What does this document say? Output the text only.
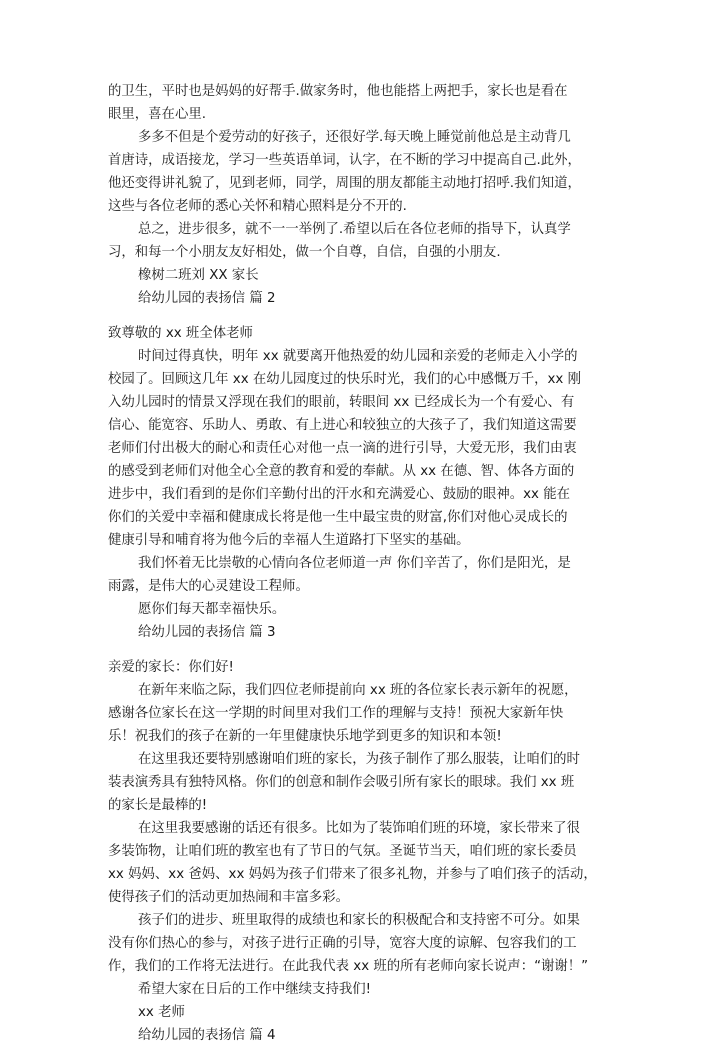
的卫生，平时也是妈妈的好帮手.做家务时，他也能搭上两把手，家长也是看在
眼里，喜在心里.
多多不但是个爱劳动的好孩子，还很好学.每天晚上睡觉前他总是主动背几
首唐诗，成语接龙，学习一些英语单词，认字，在不断的学习中提高自己.此外，
他还变得讲礼貌了，见到老师，同学，周围的朋友都能主动地打招呼.我们知道，
这些与各位老师的悉心关怀和精心照料是分不开的.
总之，进步很多，就不一一举例了.希望以后在各位老师的指导下，认真学
习，和每一个小朋友友好相处，做一个自尊，自信，自强的小朋友.
橡树二班刘 XX 家长
给幼儿园的表扬信 篇 2
致尊敬的 xx 班全体老师
时间过得真快，明年 xx 就要离开他热爱的幼儿园和亲爱的老师走入小学的
校园了。回顾这几年 xx 在幼儿园度过的快乐时光，我们的心中感慨万千，xx 刚
入幼儿园时的情景又浮现在我们的眼前，转眼间 xx 已经成长为一个有爱心、有
信心、能宽容、乐助人、勇敢、有上进心和较独立的大孩子了，我们知道这需要
老师们付出极大的耐心和责任心对他一点一滴的进行引导，大爱无形，我们由衷
的感受到老师们对他全心全意的教育和爱的奉献。从 xx 在德、智、体各方面的
进步中，我们看到的是你们辛勤付出的汗水和充满爱心、鼓励的眼神。xx 能在
你们的关爱中幸福和健康成长将是他一生中最宝贵的财富,你们对他心灵成长的
健康引导和哺育将为他今后的幸福人生道路打下坚实的基础。
我们怀着无比崇敬的心情向各位老师道一声 你们辛苦了，你们是阳光，是
雨露，是伟大的心灵建设工程师。
愿你们每天都幸福快乐。
给幼儿园的表扬信 篇 3
亲爱的家长：你们好!
在新年来临之际，我们四位老师提前向 xx 班的各位家长表示新年的祝愿，
感谢各位家长在这一学期的时间里对我们工作的理解与支持！预祝大家新年快
乐！祝我们的孩子在新的一年里健康快乐地学到更多的知识和本领!
在这里我还要特别感谢咱们班的家长，为孩子制作了那么服装，让咱们的时
装表演秀具有独特风格。你们的创意和制作会吸引所有家长的眼球。我们 xx 班
的家长是最棒的!
在这里我要感谢的话还有很多。比如为了装饰咱们班的环境，家长带来了很
多装饰物，让咱们班的教室也有了节日的气氛。圣诞节当天，咱们班的家长委员
xx 妈妈、xx 爸妈、xx 妈妈为孩子们带来了很多礼物，并参与了咱们孩子的活动，
使得孩子们的活动更加热闹和丰富多彩。
孩子们的进步、班里取得的成绩也和家长的积极配合和支持密不可分。如果
没有你们热心的参与，对孩子进行正确的引导，宽容大度的谅解、包容我们的工
作，我们的工作将无法进行。在此我代表 xx 班的所有老师向家长说声：“谢谢！”
希望大家在日后的工作中继续支持我们!
xx 老师
给幼儿园的表扬信 篇 4
